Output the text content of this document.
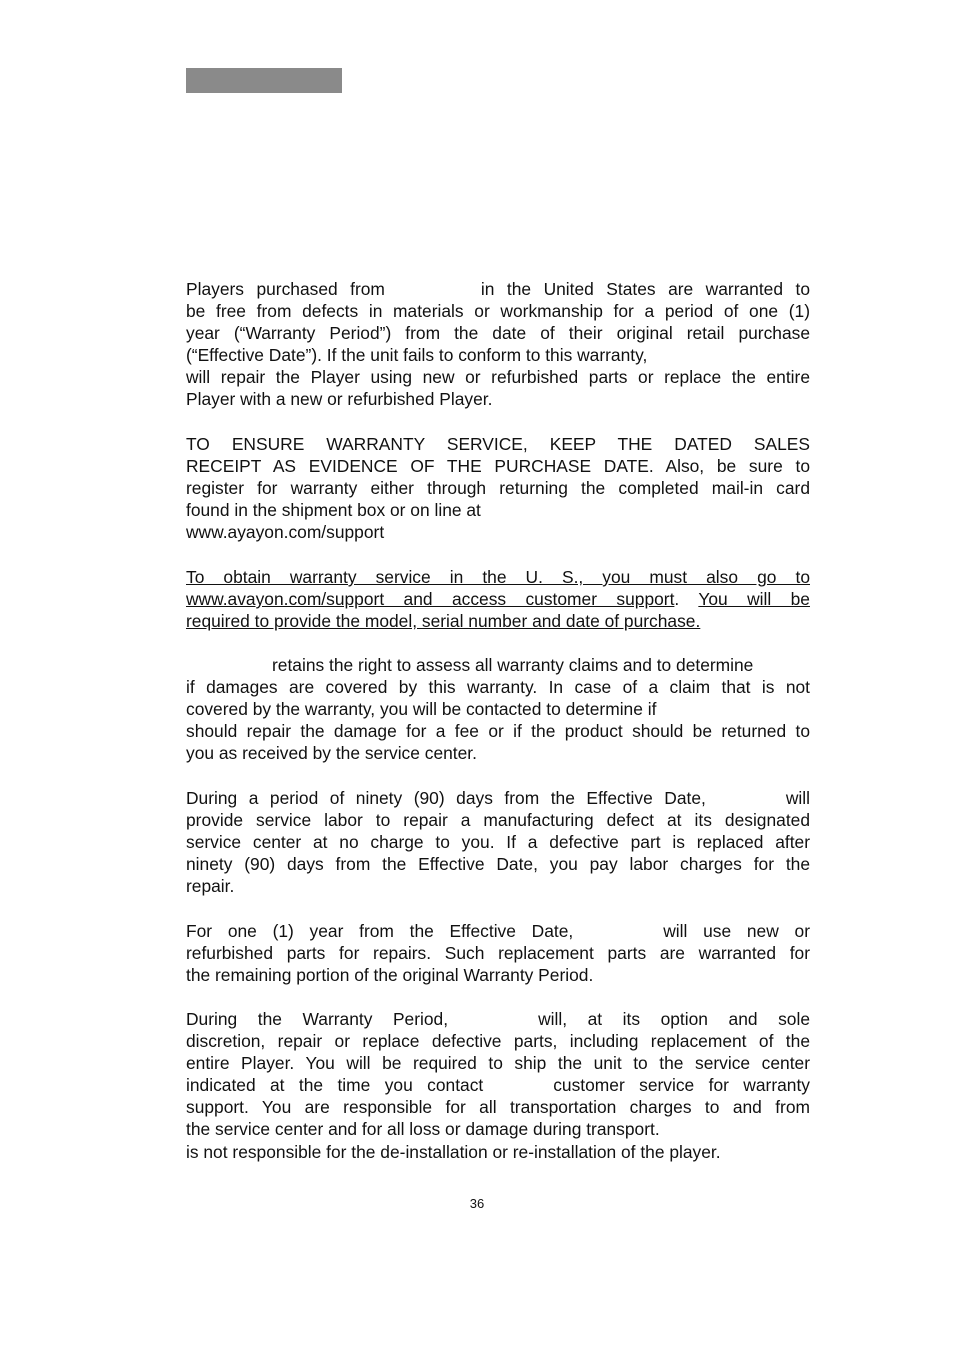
Players purchased from	in the United States are warranted to
be free from defects in materials or workmanship for a period of one (1)
year (“Warranty Period”) from the date of their original retail purchase
(“Effective Date”). If the unit fails to conform to this warranty,
will repair the Player using new or refurbished parts or replace the entire
Player with a new or refurbished Player.
TO ENSURE WARRANTY SERVICE, KEEP THE DATED SALES
RECEIPT AS EVIDENCE OF THE PURCHASE DATE. Also, be sure to
register for warranty either through returning the completed mail-in card
found in the shipment box or on line at
www.ayayon.com/support
To obtain warranty service in the U. S., you must also go to
www.avayon.com/support and access customer support. You will be
required to provide the model, serial number and date of purchase.
retains the right to assess all warranty claims and to determine
if damages are covered by this warranty. In case of a claim that is not
covered by the warranty, you will be contacted to determine if
should repair the damage for a fee or if the product should be returned to
you as received by the service center.
During a period of ninety (90) days from the Effective Date,	will
provide service labor to repair a manufacturing defect at its designated
service center at no charge to you. If a defective part is replaced after
ninety (90) days from the Effective Date, you pay labor charges for the
repair.
For one (1) year from the Effective Date,	will use new or
refurbished parts for repairs. Such replacement parts are warranted for
the remaining portion of the original Warranty Period.
During the Warranty Period,	will, at its option and sole
discretion, repair or replace defective parts, including replacement of the
entire Player. You will be required to ship the unit to the service center
indicated at the time you contact	customer service for warranty
support. You are responsible for all transportation charges to and from
the service center and for all loss or damage during transport.
is not responsible for the de-installation or re-installation of the player.
36
